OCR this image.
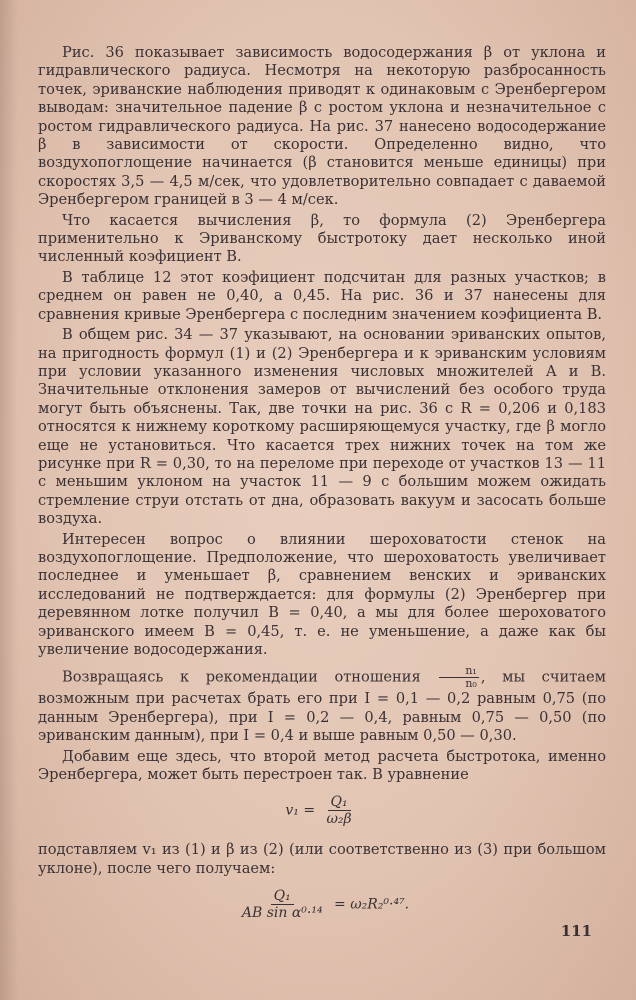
Рис. 36 показывает зависимость водосодержания β от уклона и гидравлического радиуса. Несмотря на некоторую разбросанность точек, эриванские наблюдения приводят к одинаковым с Эренбергером выводам: значительное падение β с ростом уклона и незначительное с ростом гидравлического радиуса. На рис. 37 нанесено водосодержание β в зависимости от скорости. Определенно видно, что воздухопоглощение начинается (β становится меньше единицы) при скоростях 3,5 — 4,5 м/сек, что удовлетворительно совпадает с даваемой Эренбергером границей в 3 — 4 м/сек.

Что касается вычисления β, то формула (2) Эренбергера применительно к Эриванскому быстротоку дает несколько иной численный коэфициент B.

В таблице 12 этот коэфициент подсчитан для разных участков; в среднем он равен не 0,40, а 0,45. На рис. 36 и 37 нанесены для сравнения кривые Эренбергера с последним значением коэфициента B.

В общем рис. 34 — 37 указывают, на основании эриванских опытов, на пригодность формул (1) и (2) Эренбергера и к эриванским условиям при условии указанного изменения числовых множителей A и B. Значительные отклонения замеров от вычислений без особого труда могут быть объяснены. Так, две точки на рис. 36 с R = 0,206 и 0,183 относятся к нижнему короткому расширяющемуся участку, где β могло еще не установиться. Что касается трех нижних точек на том же рисунке при R = 0,30, то на переломе при переходе от участков 13 — 11 с меньшим уклоном на участок 11 — 9 с большим можем ожидать стремление струи отстать от дна, образовать вакуум и засосать больше воздуха.

Интересен вопрос о влиянии шероховатости стенок на воздухопоглощение. Предположение, что шероховатость увеличивает последнее и уменьшает β, сравнением венских и эриванских исследований не подтверждается: для формулы (2) Эренбергер при деревянном лотке получил B = 0,40, а мы для более шероховатого эриванского имеем B = 0,45, т. е. не уменьшение, а даже как бы увеличение водосодержания.

Возвращаясь к рекомендации отношения $\frac{\text{n₁}}{\text{n₀}}$ , мы считаем возможным при расчетах брать его при I = 0,1 — 0,2 равным 0,75 (по данным Эренбергера), при I = 0,2 — 0,4, равным 0,75 — 0,50 (по эриванским данным), при I = 0,4 и выше равным 0,50 — 0,30.

Добавим еще здесь, что второй метод расчета быстротока, именно Эренбергера, может быть перестроен так. В уравнение

$v_1 = \frac{\text{Q₁}}{\text{ω₂β}}$

подставляем v₁ из (1) и β из (2) (или соответственно из (3) при большом уклоне), после чего получаем:

$\frac{\text{Q₁}}{\text{AB sin α⁰·¹⁴}} = \omega_2R_2^0\cdot^{47}$.
111
